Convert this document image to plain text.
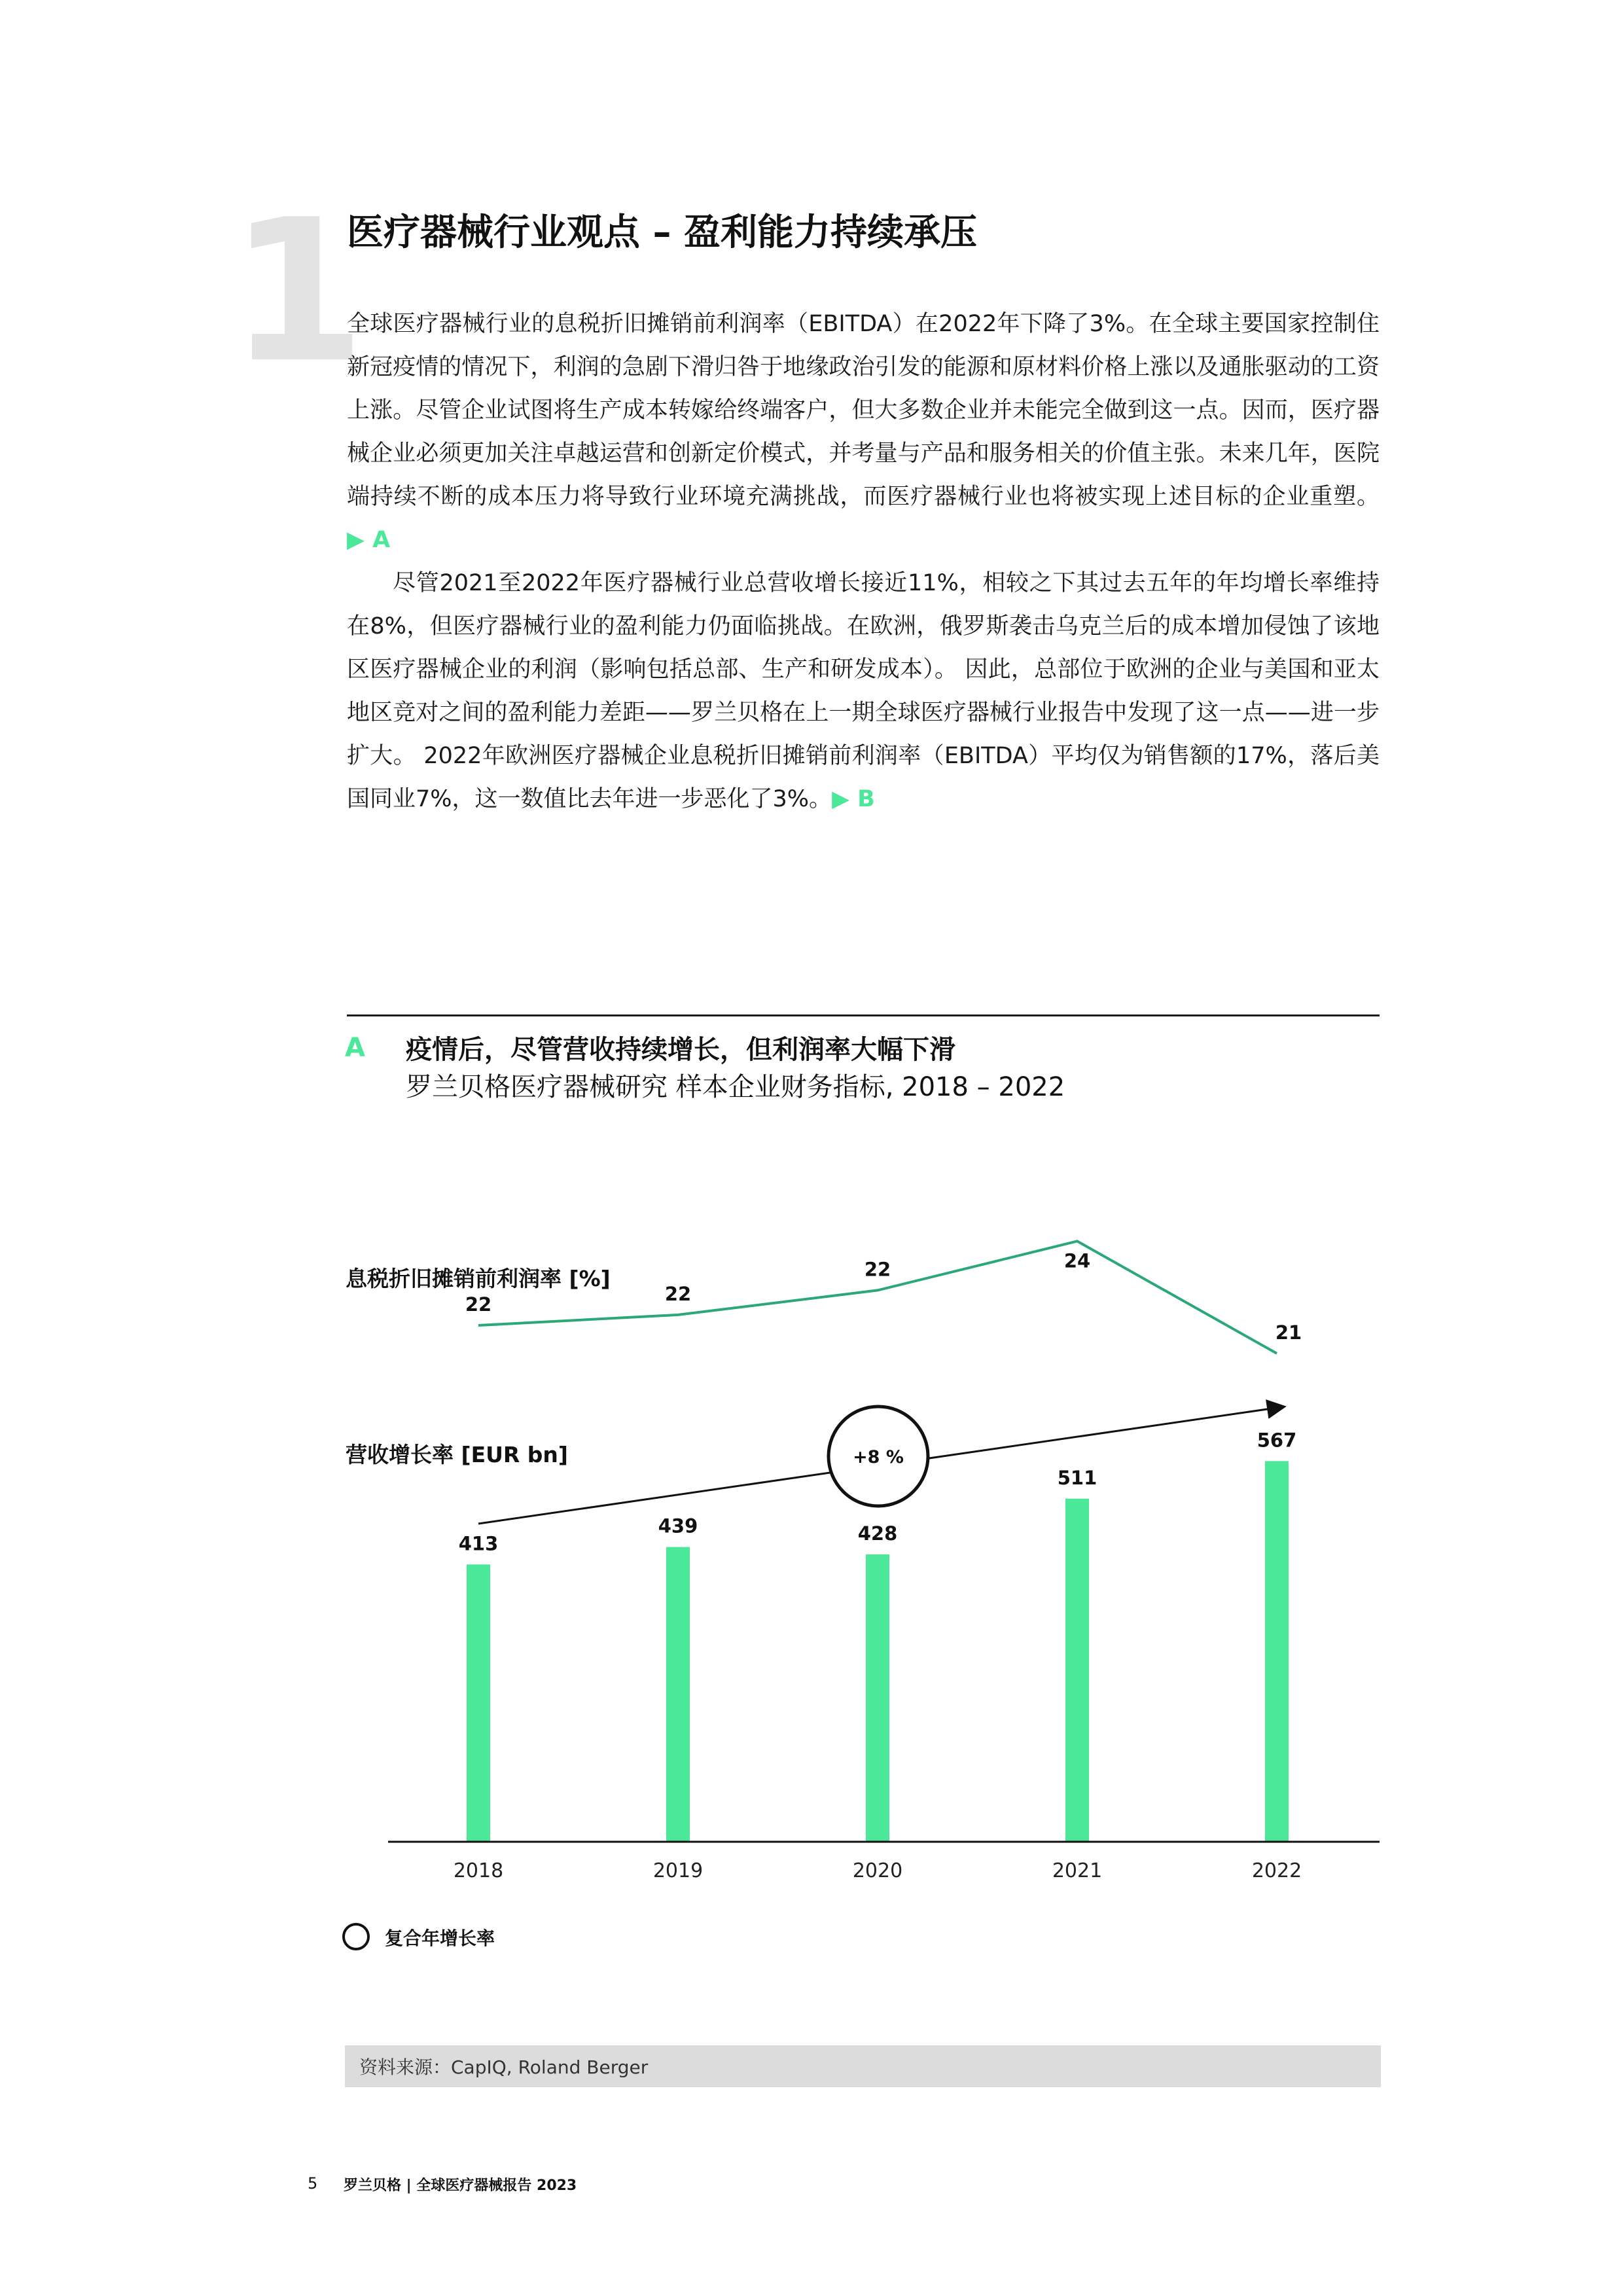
1
医疗器械行业观点 – 盈利能力持续承压

全球医疗器械行业的息税折旧摊销前利润率（EBITDA）在2022年下降了3%。在全球主要国家控制住新冠疫情的情况下，利润的急剧下滑归咎于地缘政治引发的能源和原材料价格上涨以及通胀驱动的工资上涨。尽管企业试图将生产成本转嫁给终端客户，但大多数企业并未能完全做到这一点。因而，医疗器械企业必须更加关注卓越运营和创新定价模式，并考量与产品和服务相关的价值主张。未来几年，医院端持续不断的成本压力将导致行业环境充满挑战，而医疗器械行业也将被实现上述目标的企业重塑。▶ A

尽管2021至2022年医疗器械行业总营收增长接近11%，相较之下其过去五年的年均增长率维持在8%，但医疗器械行业的盈利能力仍面临挑战。在欧洲，俄罗斯袭击乌克兰后的成本增加侵蚀了该地区医疗器械企业的利润（影响包括总部、生产和研发成本）。 因此，总部位于欧洲的企业与美国和亚太地区竞对之间的盈利能力差距——罗兰贝格在上一期全球医疗器械行业报告中发现了这一点——进一步扩大。 2022年欧洲医疗器械企业息税折旧摊销前利润率（EBITDA）平均仅为销售额的17%，落后美国同业7%，这一数值比去年进一步恶化了3%。▶ B

A 疫情后，尽管营收持续增长，但利润率大幅下滑
罗兰贝格医疗器械研究 样本企业财务指标, 2018 – 2022
息税折旧摊销前利润率 [%]
营收增长率 [EUR bn]	+8 %
413
439	428
511
567
22	22
22	24
21
2018	2019	2020	2021	2022
复合年增长率
资料来源：CapIQ, Roland Berger
5 罗兰贝格 | 全球医疗器械报告 2023
